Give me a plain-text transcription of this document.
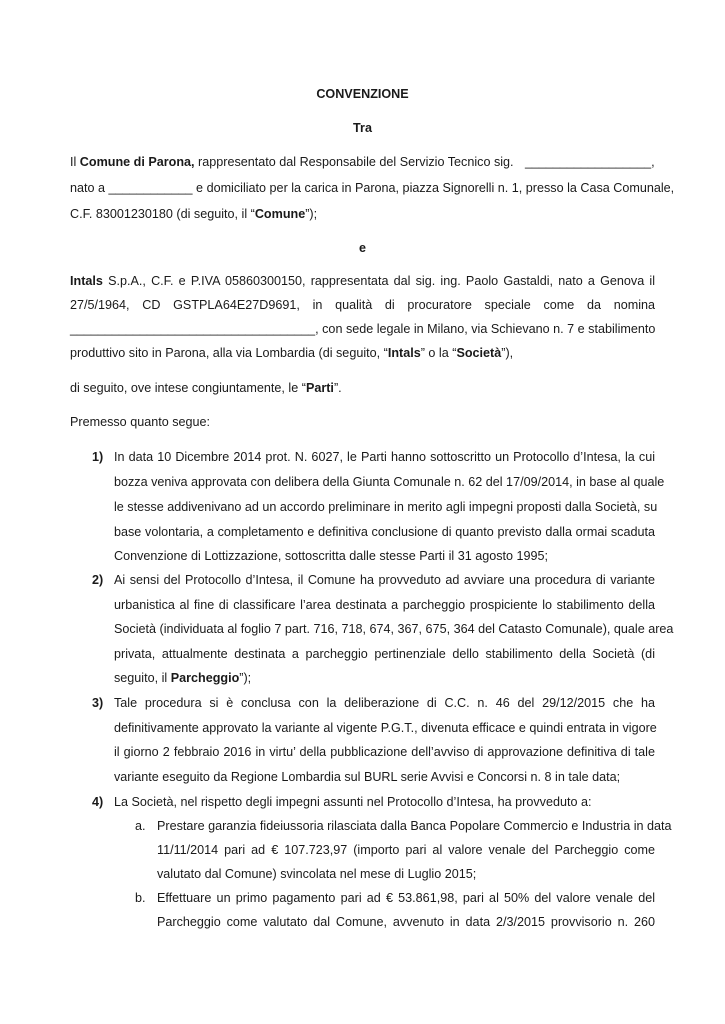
CONVENZIONE
Tra
Il Comune di Parona, rappresentato dal Responsabile del Servizio Tecnico sig. __________________,
nato a ____________ e domiciliato per la carica in Parona, piazza Signorelli n. 1, presso la Casa Comunale,
C.F. 83001230180 (di seguito, il “Comune”);
e
Intals S.p.A., C.F. e P.IVA 05860300150, rappresentata dal sig. ing. Paolo Gastaldi, nato a Genova il
27/5/1964, CD GSTPLA64E27D9691, in qualità di procuratore speciale come da nomina
___________________________________, con sede legale in Milano, via Schievano n. 7 e stabilimento
produttivo sito in Parona, alla via Lombardia (di seguito, “Intals” o la “Società”),
di seguito, ove intese congiuntamente, le “Parti”.
Premesso quanto segue:
1) In data 10 Dicembre 2014 prot. N. 6027, le Parti hanno sottoscritto un Protocollo d’Intesa, la cui
bozza veniva approvata con delibera della Giunta Comunale n. 62 del 17/09/2014, in base al quale
le stesse addivenivano ad un accordo preliminare in merito agli impegni proposti dalla Società, su
base volontaria, a completamento e definitiva conclusione di quanto previsto dalla ormai scaduta
Convenzione di Lottizzazione, sottoscritta dalle stesse Parti il 31 agosto 1995;
2) Ai sensi del Protocollo d’Intesa, il Comune ha provveduto ad avviare una procedura di variante
urbanistica al fine di classificare l’area destinata a parcheggio prospiciente lo stabilimento della
Società (individuata al foglio 7 part. 716, 718, 674, 367, 675, 364 del Catasto Comunale), quale area
privata, attualmente destinata a parcheggio pertinenziale dello stabilimento della Società (di
seguito, il Parcheggio”);
3) Tale procedura si è conclusa con la deliberazione di C.C. n. 46 del 29/12/2015 che ha
definitivamente approvato la variante al vigente P.G.T., divenuta efficace e quindi entrata in vigore
il giorno 2 febbraio 2016 in virtu’ della pubblicazione dell’avviso di approvazione definitiva di tale
variante eseguito da Regione Lombardia sul BURL serie Avvisi e Concorsi n. 8 in tale data;
4) La Società, nel rispetto degli impegni assunti nel Protocollo d’Intesa, ha provveduto a:
a. Prestare garanzia fideiussoria rilasciata dalla Banca Popolare Commercio e Industria in data
11/11/2014 pari ad € 107.723,97 (importo pari al valore venale del Parcheggio come
valutato dal Comune) svincolata nel mese di Luglio 2015;
b. Effettuare un primo pagamento pari ad € 53.861,98, pari al 50% del valore venale del
Parcheggio come valutato dal Comune, avvenuto in data 2/3/2015 provvisorio n. 260
